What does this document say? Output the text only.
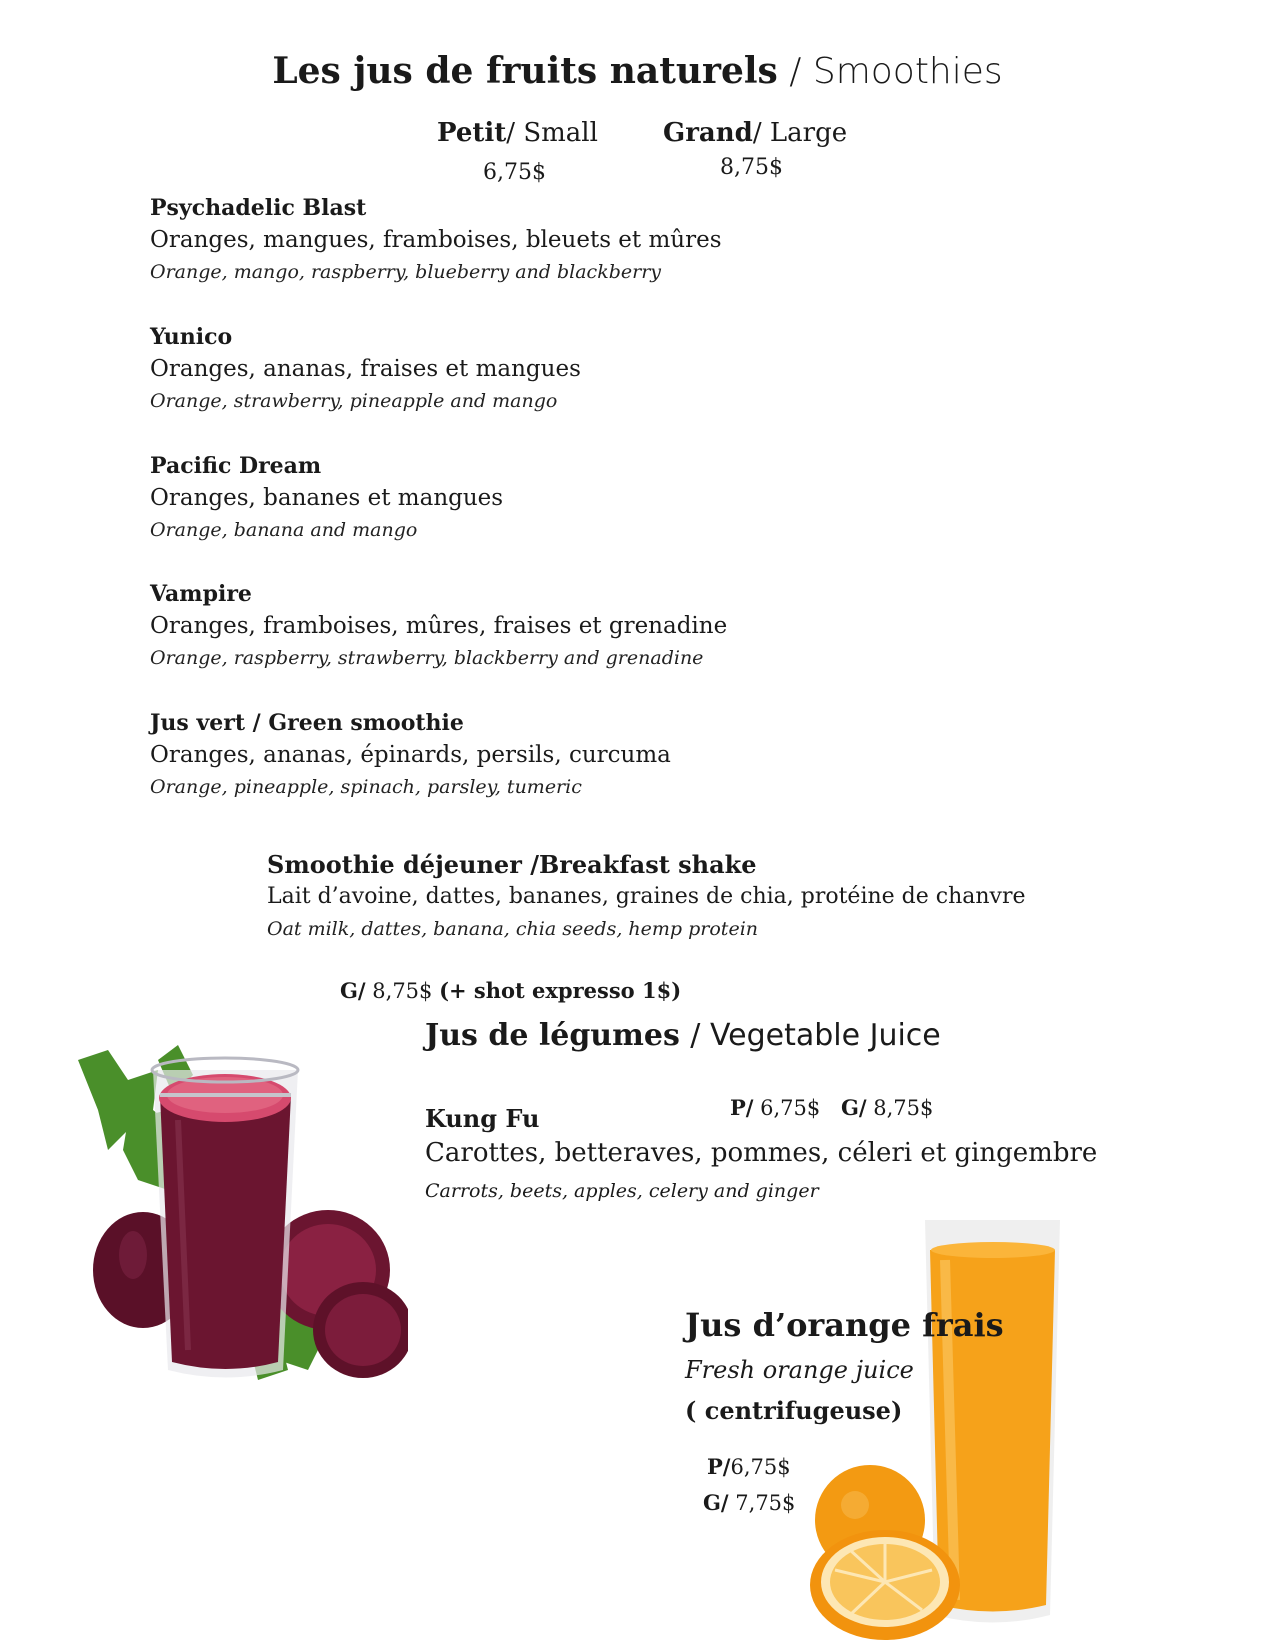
Les jus de fruits naturels / Smoothies
Petit/ Small
6,75$
Grand/ Large
8,75$
Psychadelic Blast
Oranges, mangues, framboises, bleuets et mûres
Orange, mango, raspberry, blueberry and blackberry
Yunico
Oranges, ananas, fraises et mangues
Orange, strawberry, pineapple and mango
Pacific Dream
Oranges, bananes et mangues
Orange, banana and mango
Vampire
Oranges, framboises, mûres, fraises et grenadine
Orange, raspberry, strawberry, blackberry and grenadine
Jus vert / Green smoothie
Oranges, ananas, épinards, persils, curcuma
Orange, pineapple, spinach, parsley, tumeric
Smoothie déjeuner /Breakfast shake
Lait d’avoine, dattes, bananes, graines de chia, protéine de chanvre
Oat milk, dattes, banana, chia seeds, hemp protein
G/ 8,75$ (+ shot expresso 1$)
Jus de légumes / Vegetable Juice
Kung Fu	P/ 6,75$ G/ 8,75$
Carottes, betteraves, pommes, céleri et gingembre
Carrots, beets, apples, celery and ginger
Jus d’orange frais
Fresh orange juice
( centrifugeuse)
P/6,75$
G/ 7,75$
